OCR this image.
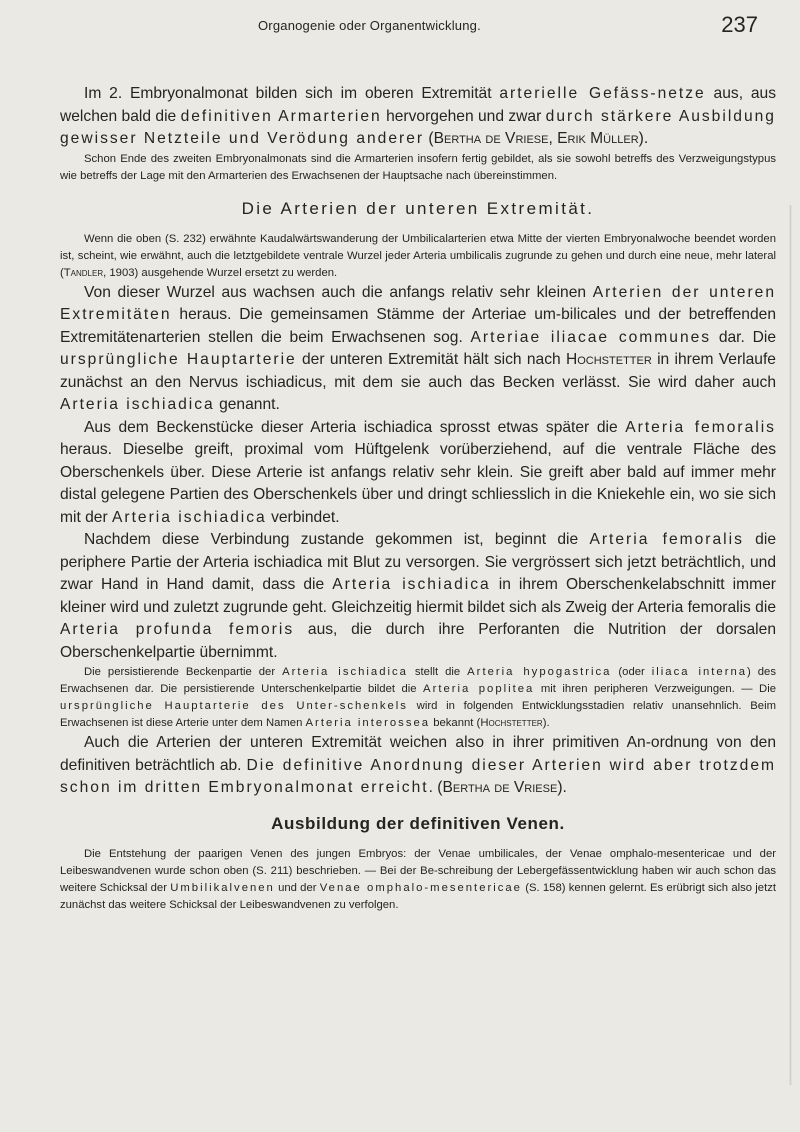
Organogenie oder Organentwicklung.	237

Im 2. Embryonalmonat bilden sich im oberen Extremität arterielle Gefäss-netze aus, aus welchen bald die definitiven Armarterien hervorgehen und zwar durch stärkere Ausbildung gewisser Netzteile und Verödung anderer (Bertha de Vriese, Erik Müller).

Schon Ende des zweiten Embryonalmonats sind die Armarterien insofern fertig gebildet, als sie sowohl betreffs des Verzweigungstypus wie betreffs der Lage mit den Armarterien des Erwachsenen der Hauptsache nach übereinstimmen.

Die Arterien der unteren Extremität.

Wenn die oben (S. 232) erwähnte Kaudalwärtswanderung der Umbilicalarterien etwa Mitte der vierten Embryonalwoche beendet worden ist, scheint, wie erwähnt, auch die letztgebildete ventrale Wurzel jeder Arteria umbilicalis zugrunde zu gehen und durch eine neue, mehr lateral (Tandler, 1903) ausgehende Wurzel ersetzt zu werden.

Von dieser Wurzel aus wachsen auch die anfangs relativ sehr kleinen Arterien der unteren Extremitäten heraus. Die gemeinsamen Stämme der Arteriae um-bilicales und der betreffenden Extremitätenarterien stellen die beim Erwachsenen sog. Arteriae iliacae communes dar. Die ursprüngliche Hauptarterie der unteren Extremität hält sich nach Hochstetter in ihrem Verlaufe zunächst an den Nervus ischiadicus, mit dem sie auch das Becken verlässt. Sie wird daher auch Arteria ischiadica genannt.

Aus dem Beckenstücke dieser Arteria ischiadica sprosst etwas später die Arteria femoralis heraus. Dieselbe greift, proximal vom Hüftgelenk vorüberziehend, auf die ventrale Fläche des Oberschenkels über. Diese Arterie ist anfangs relativ sehr klein. Sie greift aber bald auf immer mehr distal gelegene Partien des Oberschenkels über und dringt schliesslich in die Kniekehle ein, wo sie sich mit der Arteria ischiadica verbindet.

Nachdem diese Verbindung zustande gekommen ist, beginnt die Arteria femoralis die periphere Partie der Arteria ischiadica mit Blut zu versorgen. Sie vergrössert sich jetzt beträchtlich, und zwar Hand in Hand damit, dass die Arteria ischiadica in ihrem Oberschenkelabschnitt immer kleiner wird und zuletzt zugrunde geht. Gleichzeitig hiermit bildet sich als Zweig der Arteria femoralis die Arteria profunda femoris aus, die durch ihre Perforanten die Nutrition der dorsalen Oberschenkelpartie übernimmt.

Die persistierende Beckenpartie der Arteria ischiadica stellt die Arteria hypogastrica (oder iliaca interna) des Erwachsenen dar. Die persistierende Unterschenkelpartie bildet die Arteria poplitea mit ihren peripheren Verzweigungen. — Die ursprüngliche Hauptarterie des Unter-schenkels wird in folgenden Entwicklungsstadien relativ unansehnlich. Beim Erwachsenen ist diese Arterie unter dem Namen Arteria interossea bekannt (Hochstetter).

Auch die Arterien der unteren Extremität weichen also in ihrer primitiven An-ordnung von den definitiven beträchtlich ab. Die definitive Anordnung dieser Arterien wird aber trotzdem schon im dritten Embryonalmonat erreicht. (Bertha de Vriese).

Ausbildung der definitiven Venen.

Die Entstehung der paarigen Venen des jungen Embryos: der Venae umbilicales, der Venae omphalo-mesentericae und der Leibeswandvenen wurde schon oben (S. 211) beschrieben. — Bei der Be-schreibung der Lebergefässentwicklung haben wir auch schon das weitere Schicksal der Umbilikalvenen und der Venae omphalo-mesentericae (S. 158) kennen gelernt. Es erübrigt sich also jetzt zunächst das weitere Schicksal der Leibeswandvenen zu verfolgen.
